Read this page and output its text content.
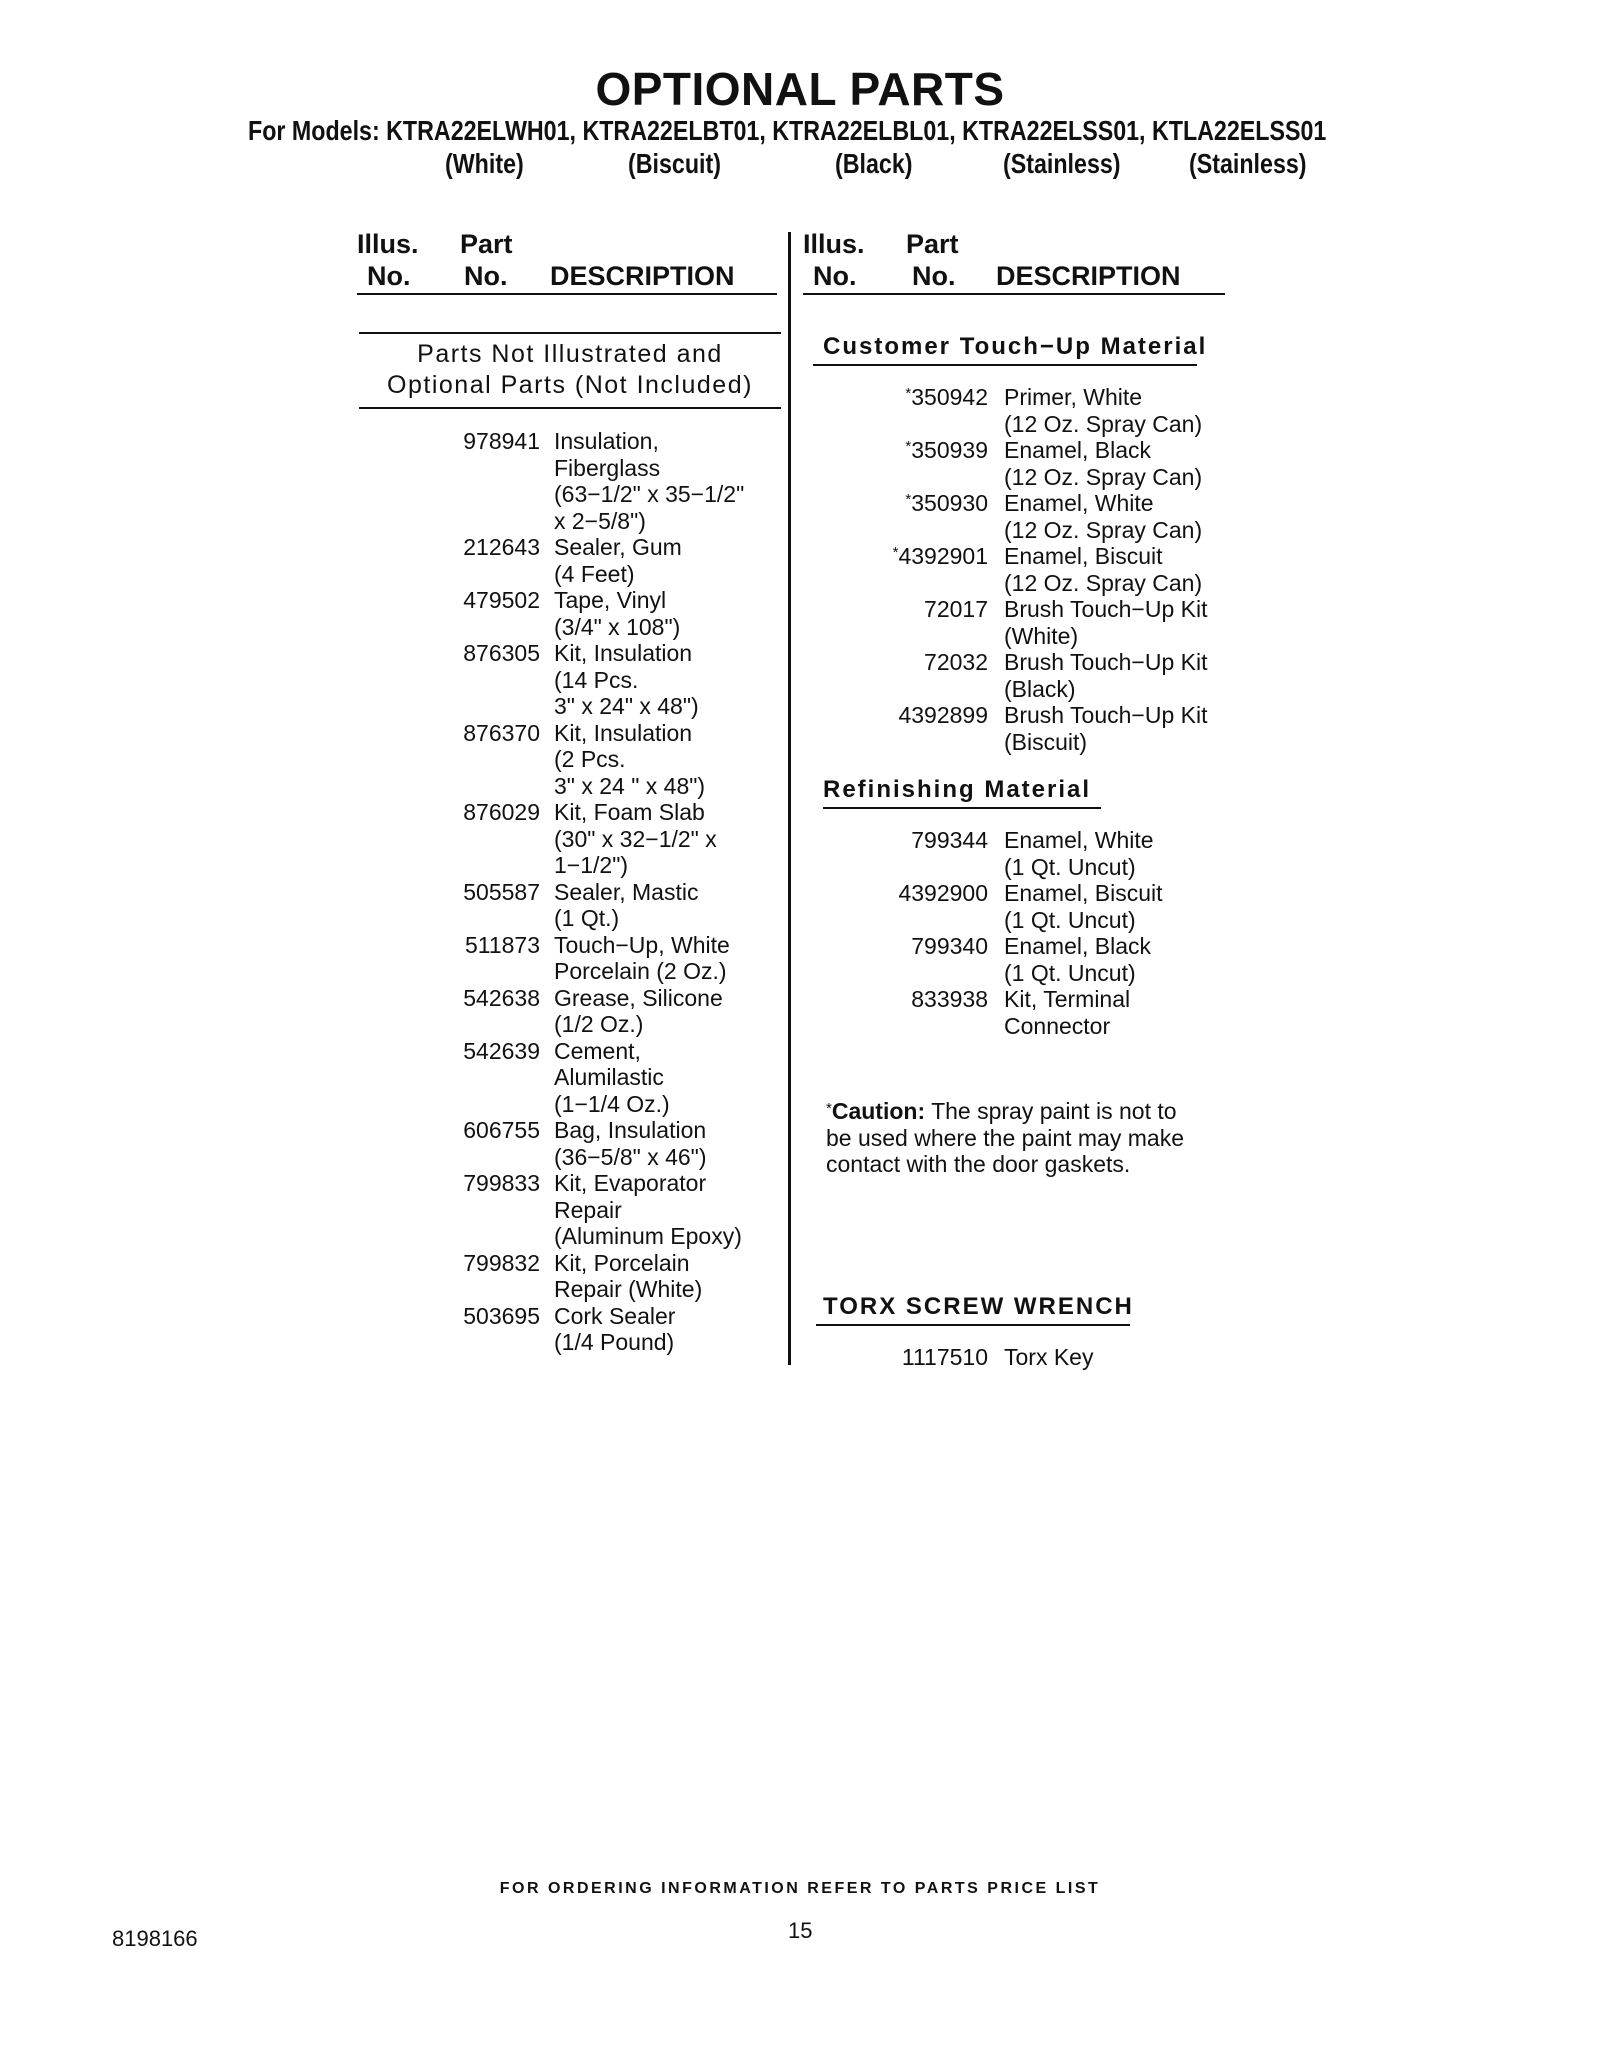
OPTIONAL PARTS
For Models: KTRA22ELWH01, KTRA22ELBT01, KTRA22ELBL01, KTRA22ELSS01, KTLA22ELSS01
(White)	(Biscuit)	(Black)	(Stainless) (Stainless)
Illus.
No.
Part
No. DESCRIPTION
Illus.
No.
Part
No. DESCRIPTION
Parts Not Illustrated and
Optional Parts (Not Included)
978941 Insulation,
Fiberglass
(63−1/2" x 35−1/2"
x 2−5/8")
212643 Sealer, Gum
(4 Feet)
479502 Tape, Vinyl
(3/4" x 108")
876305 Kit, Insulation
(14 Pcs.
3" x 24" x 48")
876370 Kit, Insulation
(2 Pcs.
3" x 24 " x 48")
876029 Kit, Foam Slab
(30" x 32−1/2" x
1−1/2")
505587 Sealer, Mastic
(1 Qt.)
511873 Touch−Up, White
Porcelain (2 Oz.)
542638 Grease, Silicone
(1/2 Oz.)
542639 Cement,
Alumilastic
(1−1/4 Oz.)
606755 Bag, Insulation
(36−5/8" x 46")
799833 Kit, Evaporator
Repair
(Aluminum Epoxy)
799832 Kit, Porcelain
Repair (White)
503695 Cork Sealer
(1/4 Pound)
Customer Touch−Up Material
*350942 Primer, White
(12 Oz. Spray Can)
*350939 Enamel, Black
(12 Oz. Spray Can)
*350930 Enamel, White
(12 Oz. Spray Can)
*4392901 Enamel, Biscuit
(12 Oz. Spray Can)
72017 Brush Touch−Up Kit
(White)
72032 Brush Touch−Up Kit
(Black)
4392899 Brush Touch−Up Kit
(Biscuit)
Refinishing Material
799344 Enamel, White
(1 Qt. Uncut)
4392900 Enamel, Biscuit
(1 Qt. Uncut)
799340 Enamel, Black
(1 Qt. Uncut)
833938 Kit, Terminal
Connector
*Caution: The spray paint is not to be used where the paint may make contact with the door gaskets.
TORX SCREW WRENCH
1117510 Torx Key
FOR ORDERING INFORMATION REFER TO PARTS PRICE LIST
8198166	15
